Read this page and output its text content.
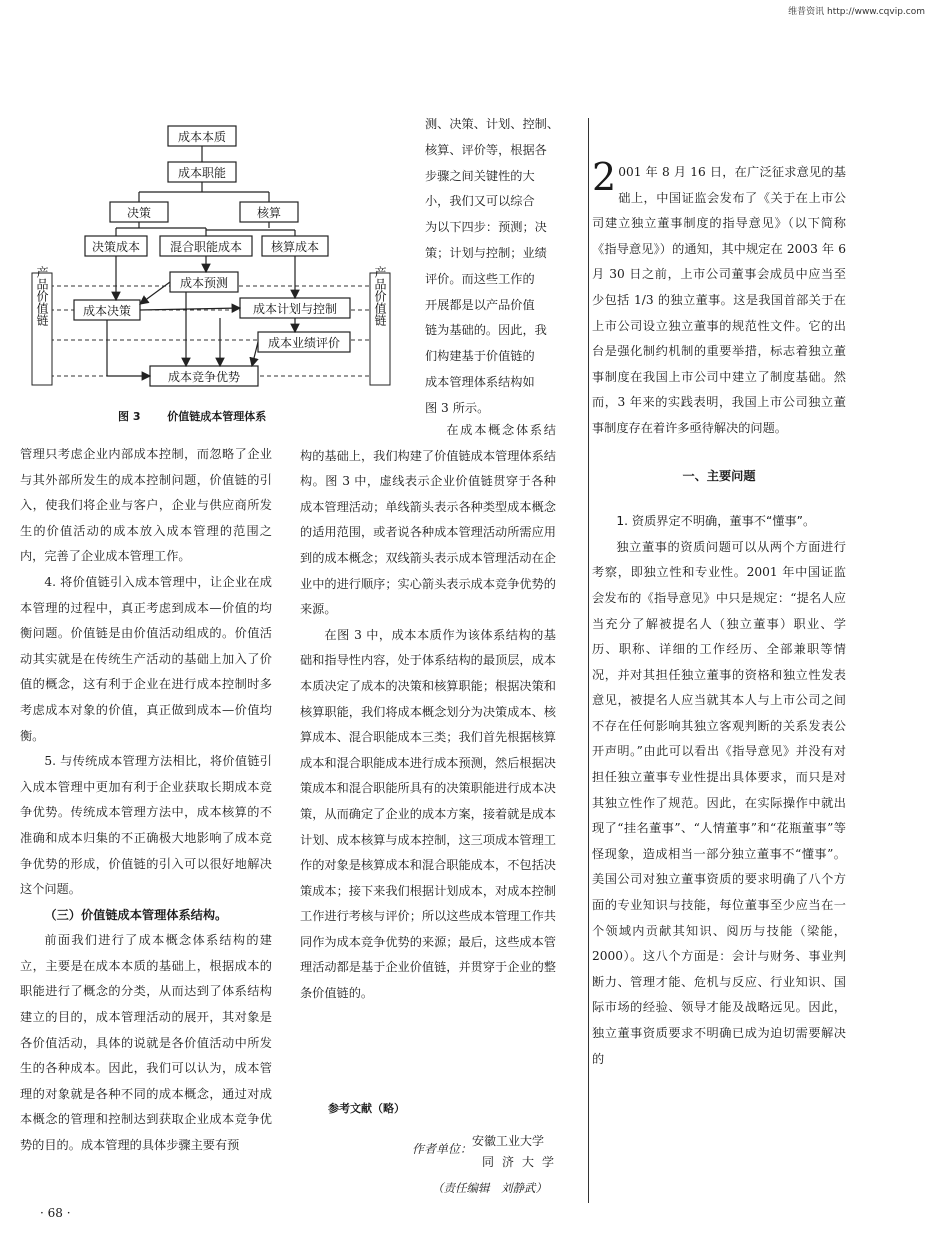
维普资讯 http://www.cqvip.com
产品价值链	产品价值链
成本本质
成本职能
决策	核算
决策成本 混合职能成本 核算成本
成本预测
成本决策	成本计划与控制
成本业绩评价
成本竞争优势
图 3 价值链成本管理体系
测、决策、计划、控制、
核算、评价等，根据各
步骤之间关键性的大
小，我们又可以综合
为以下四步：预测；决
策；计划与控制；业绩
评价。而这些工作的
开展都是以产品价值
链为基础的。因此，我
们构建基于价值链的
成本管理体系结构如
图 3 所示。

管理只考虑企业内部成本控制，而忽略了企业与其外部所发生的成本控制问题，价值链的引入，使我们将企业与客户，企业与供应商所发生的价值活动的成本放入成本管理的范围之内，完善了企业成本管理工作。

4. 将价值链引入成本管理中，让企业在成本管理的过程中，真正考虑到成本—价值的均衡问题。价值链是由价值活动组成的。价值活动其实就是在传统生产活动的基础上加入了价值的概念，这有利于企业在进行成本控制时多考虑成本对象的价值，真正做到成本—价值均衡。

5. 与传统成本管理方法相比，将价值链引入成本管理中更加有利于企业获取长期成本竞争优势。传统成本管理方法中，成本核算的不准确和成本归集的不正确极大地影响了成本竞争优势的形成，价值链的引入可以很好地解决这个问题。

（三）价值链成本管理体系结构。

前面我们进行了成本概念体系结构的建立，主要是在成本本质的基础上，根据成本的职能进行了概念的分类，从而达到了体系结构建立的目的，成本管理活动的展开，其对象是各价值活动，具体的说就是各价值活动中所发生的各种成本。因此，我们可以认为，成本管理的对象就是各种不同的成本概念，通过对成本概念的管理和控制达到获取企业成本竞争优势的目的。成本管理的具体步骤主要有预

在成本概念体系结构的基础上，我们构建了价值链成本管理体系结构。图 3 中，虚线表示企业价值链贯穿于各种成本管理活动；单线箭头表示各种类型成本概念的适用范围，或者说各种成本管理活动所需应用到的成本概念；双线箭头表示成本管理活动在企业中的进行顺序；实心箭头表示成本竞争优势的来源。

在图 3 中，成本本质作为该体系结构的基础和指导性内容，处于体系结构的最顶层，成本本质决定了成本的决策和核算职能；根据决策和核算职能，我们将成本概念划分为决策成本、核算成本、混合职能成本三类；我们首先根据核算成本和混合职能成本进行成本预测，然后根据决策成本和混合职能所具有的决策职能进行成本决策，从而确定了企业的成本方案，接着就是成本计划、成本核算与成本控制，这三项成本管理工作的对象是核算成本和混合职能成本，不包括决策成本；接下来我们根据计划成本，对成本控制工作进行考核与评价；所以这些成本管理工作共同作为成本竞争优势的来源；最后，这些成本管理活动都是基于企业价值链，并贯穿于企业的整条价值链的。

参考文献（略）
作者单位：
安徽工业大学
同济大学
（责任编辑　刘静武）
· 68 ·

2 001 年 8 月 16 日，在广泛征求意见的基础上，中国证监会发布了《关于在上市公司建立独立董事制度的指导意见》（以下简称《指导意见》）的通知，其中规定在 2003 年 6 月 30 日之前，上市公司董事会成员中应当至少包括 1/3 的独立董事。这是我国首部关于在上市公司设立独立董事的规范性文件。它的出台是强化制约机制的重要举措，标志着独立董事制度在我国上市公司中建立了制度基础。然而，3 年来的实践表明，我国上市公司独立董事制度存在着许多亟待解决的问题。

一、主要问题

1. 资质界定不明确，董事不“懂事”。

独立董事的资质问题可以从两个方面进行考察，即独立性和专业性。2001 年中国证监会发布的《指导意见》中只是规定：“提名人应当充分了解被提名人（独立董事）职业、学历、职称、详细的工作经历、全部兼职等情况，并对其担任独立董事的资格和独立性发表意见，被提名人应当就其本人与上市公司之间不存在任何影响其独立客观判断的关系发表公开声明。”由此可以看出《指导意见》并没有对担任独立董事专业性提出具体要求，而只是对其独立性作了规范。因此，在实际操作中就出现了“挂名董事”、“人情董事”和“花瓶董事”等怪现象，造成相当一部分独立董事不“懂事”。美国公司对独立董事资质的要求明确了八个方面的专业知识与技能，每位董事至少应当在一个领域内贡献其知识、阅历与技能（梁能，2000）。这八个方面是：会计与财务、事业判断力、管理才能、危机与反应、行业知识、国际市场的经验、领导才能及战略远见。因此，独立董事资质要求不明确已成为迫切需要解决的
